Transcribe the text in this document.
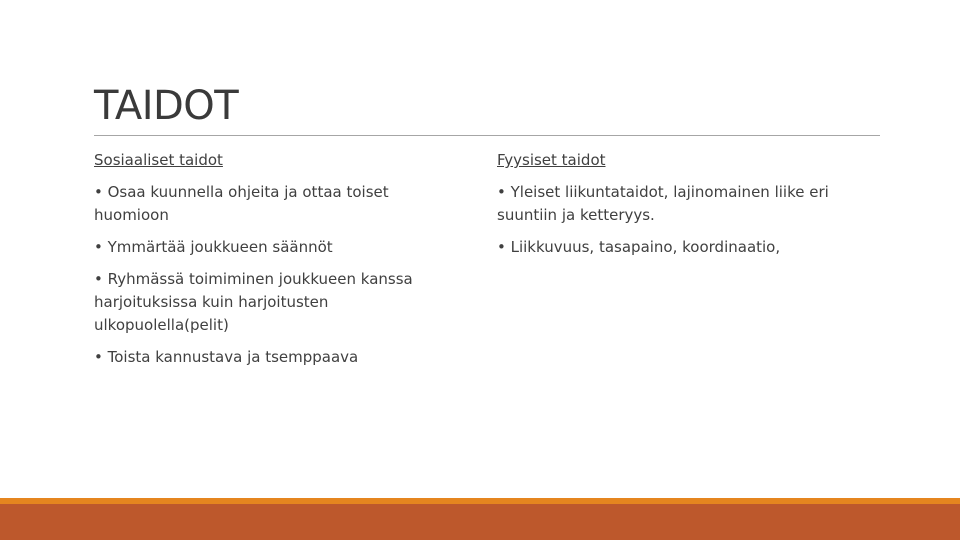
TAIDOT
Sosiaaliset taidot
• Osaa kuunnella ohjeita ja ottaa toiset huomioon
• Ymmärtää joukkueen säännöt
• Ryhmässä toimiminen joukkueen kanssa harjoituksissa kuin harjoitusten ulkopuolella(pelit)
• Toista kannustava ja tsemppaava
Fyysiset taidot
• Yleiset liikuntataidot, lajinomainen liike eri suuntiin ja ketteryys.
• Liikkuvuus, tasapaino, koordinaatio,
